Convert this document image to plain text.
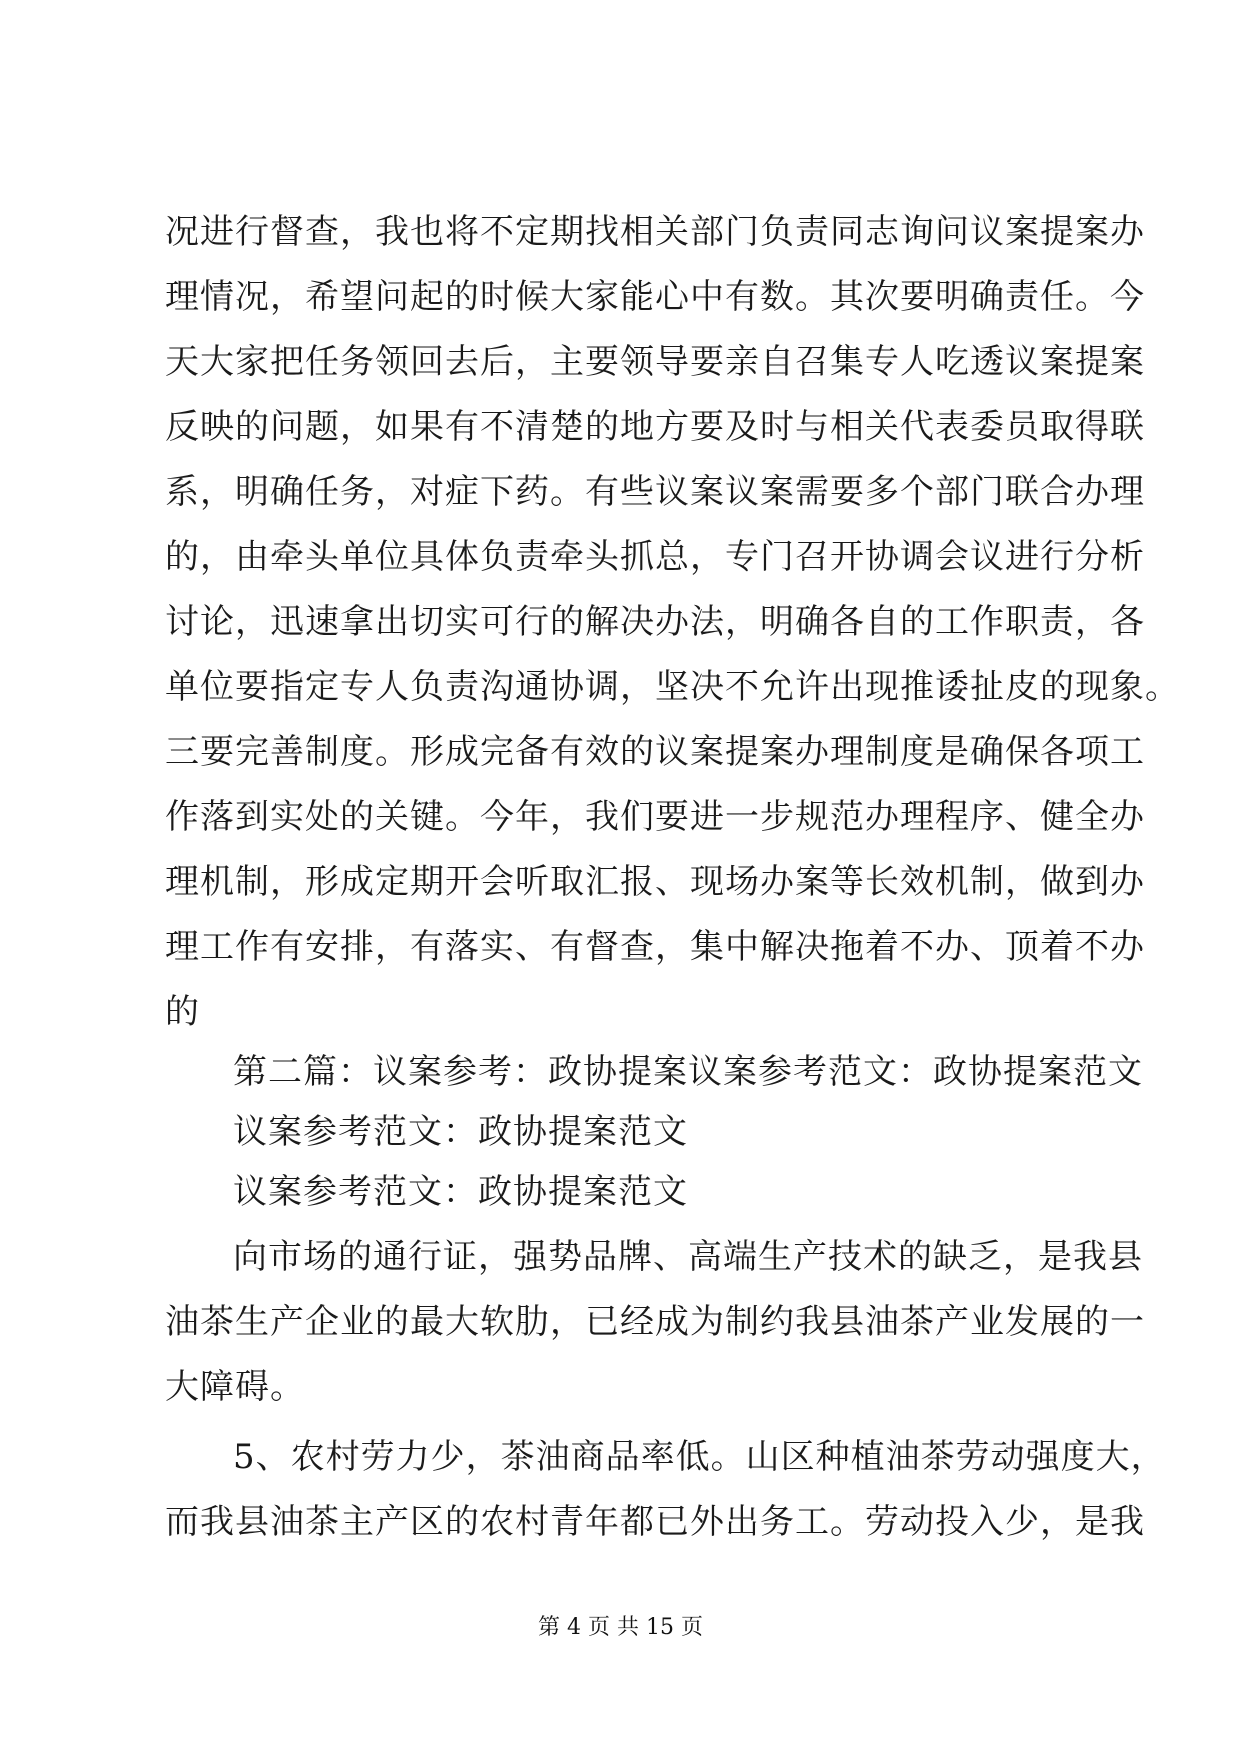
况进行督查，我也将不定期找相关部门负责同志询问议案提案办
理情况，希望问起的时候大家能心中有数。其次要明确责任。今
天大家把任务领回去后，主要领导要亲自召集专人吃透议案提案
反映的问题，如果有不清楚的地方要及时与相关代表委员取得联
系，明确任务，对症下药。有些议案议案需要多个部门联合办理
的，由牵头单位具体负责牵头抓总，专门召开协调会议进行分析
讨论，迅速拿出切实可行的解决办法，明确各自的工作职责，各
单位要指定专人负责沟通协调，坚决不允许出现推诿扯皮的现象。
三要完善制度。形成完备有效的议案提案办理制度是确保各项工
作落到实处的关键。今年，我们要进一步规范办理程序、健全办
理机制，形成定期开会听取汇报、现场办案等长效机制，做到办
理工作有安排，有落实、有督查，集中解决拖着不办、顶着不办
的
第二篇：议案参考：政协提案议案参考范文：政协提案范文
议案参考范文：政协提案范文
议案参考范文：政协提案范文
向市场的通行证，强势品牌、高端生产技术的缺乏，是我县
油茶生产企业的最大软肋，已经成为制约我县油茶产业发展的一
大障碍。
5、农村劳力少，茶油商品率低。山区种植油茶劳动强度大，
而我县油茶主产区的农村青年都已外出务工。劳动投入少，是我
第 4 页 共 15 页
